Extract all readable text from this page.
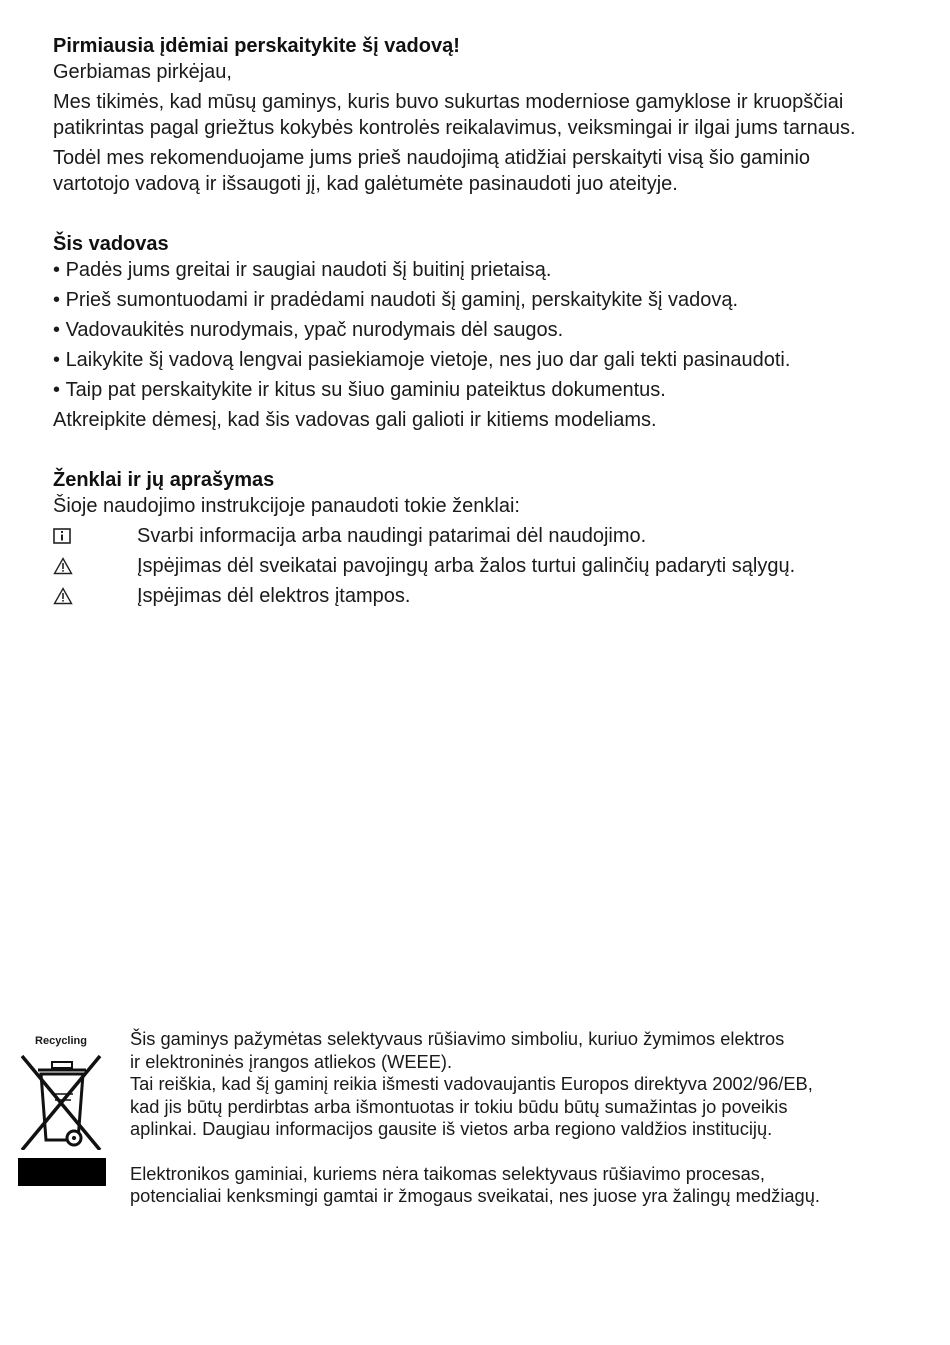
Pirmiausia įdėmiai perskaitykite šį vadovą!

Gerbiamas pirkėjau,

Mes tikimės, kad mūsų gaminys, kuris buvo sukurtas moderniose gamyklose ir kruopščiai patikrintas pagal griežtus kokybės kontrolės reikalavimus, veiksmingai ir ilgai jums tarnaus.

Todėl mes rekomenduojame jums prieš naudojimą atidžiai perskaityti visą šio gaminio vartotojo vadovą ir išsaugoti jį, kad galėtumėte pasinaudoti juo ateityje.

Šis vadovas

• Padės jums greitai ir saugiai naudoti šį buitinį prietaisą.

• Prieš sumontuodami ir pradėdami naudoti šį gaminį, perskaitykite šį vadovą.

• Vadovaukitės nurodymais, ypač nurodymais dėl saugos.

• Laikykite šį vadovą lengvai pasiekiamoje vietoje, nes juo dar gali tekti pasinaudoti.

• Taip pat perskaitykite ir kitus su šiuo gaminiu pateiktus dokumentus.

Atkreipkite dėmesį, kad šis vadovas gali galioti ir kitiems modeliams.

Ženklai ir jų aprašymas

Šioje naudojimo instrukcijoje panaudoti tokie ženklai:

Svarbi informacija arba naudingi patarimai dėl naudojimo.
Įspėjimas dėl sveikatai pavojingų arba žalos turtui galinčių padaryti sąlygų.
Įspėjimas dėl elektros įtampos.
Recycling	Šis gaminys pažymėtas selektyvaus rūšiavimo simboliu, kuriuo žymimos elektros

ir elektroninės įrangos atliekos (WEEE).

Tai reiškia, kad šį gaminį reikia išmesti vadovaujantis Europos direktyva 2002/96/EB,

kad jis būtų perdirbtas arba išmontuotas ir tokiu būdu būtų sumažintas jo poveikis

aplinkai. Daugiau informacijos gausite iš vietos arba regiono valdžios institucijų.

Elektronikos gaminiai, kuriems nėra taikomas selektyvaus rūšiavimo procesas,

potencialiai kenksmingi gamtai ir žmogaus sveikatai, nes juose yra žalingų medžiagų.
